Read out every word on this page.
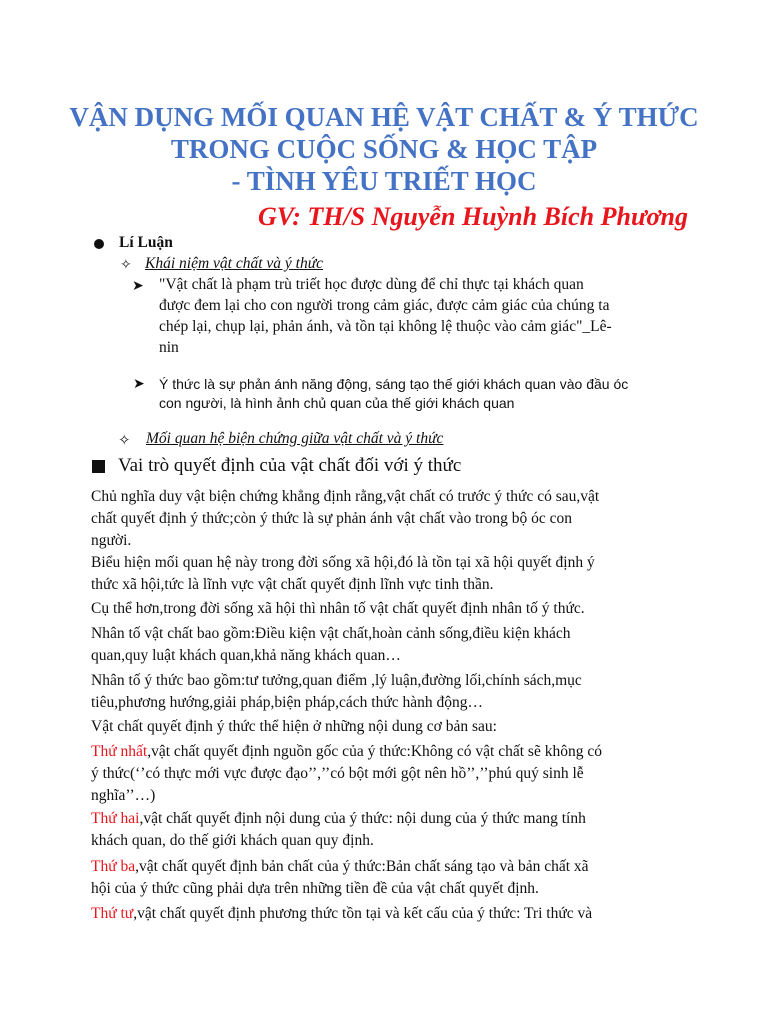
VẬN DỤNG MỐI QUAN HỆ VẬT CHẤT & Ý THỨC
TRONG CUỘC SỐNG & HỌC TẬP
- TÌNH YÊU TRIẾT HỌC
GV: TH/S Nguyễn Huỳnh Bích Phương
Lí Luận
✧ Khái niệm vật chất và ý thức
➤ "Vật chất là phạm trù triết học được dùng để chỉ thực tại khách quan
được đem lại cho con người trong cảm giác, được cảm giác của chúng ta
chép lại, chụp lại, phản ánh, và tồn tại không lệ thuộc vào cảm giác"_Lê-
nin
➤ Ý thức là sự phản ánh năng động, sáng tạo thế giới khách quan vào đầu óc
con người, là hình ảnh chủ quan của thế giới khách quan
✧ Mối quan hệ biện chứng giữa vật chất và ý thức
Vai trò quyết định của vật chất đối với ý thức
Chủ nghĩa duy vật biện chứng khẳng định rằng,vật chất có trước ý thức có sau,vật
chất quyết định ý thức;còn ý thức là sự phản ánh vật chất vào trong bộ óc con
người.
Biểu hiện mối quan hệ này trong đời sống xã hội,đó là tồn tại xã hội quyết định ý
thức xã hội,tức là lĩnh vực vật chất quyết định lĩnh vực tinh thần.
Cụ thể hơn,trong đời sống xã hội thì nhân tố vật chất quyết định nhân tố ý thức.
Nhân tố vật chất bao gồm:Điều kiện vật chất,hoàn cảnh sống,điều kiện khách
quan,quy luật khách quan,khả năng khách quan…
Nhân tố ý thức bao gồm:tư tưởng,quan điểm ,lý luận,đường lối,chính sách,mục
tiêu,phương hướng,giải pháp,biện pháp,cách thức hành động…
Vật chất quyết định ý thức thể hiện ở những nội dung cơ bản sau:
Thứ nhất,vật chất quyết định nguồn gốc của ý thức:Không có vật chất sẽ không có
ý thức(‘’có thực mới vực được đạo’’,’’có bột mới gột nên hồ’’,’’phú quý sinh lễ
nghĩa’’…)
Thứ hai,vật chất quyết định nội dung của ý thức: nội dung của ý thức mang tính
khách quan, do thế giới khách quan quy định.
Thứ ba,vật chất quyết định bản chất của ý thức:Bản chất sáng tạo và bản chất xã
hội của ý thức cũng phải dựa trên những tiền đề của vật chất quyết định.
Thứ tư,vật chất quyết định phương thức tồn tại và kết cấu của ý thức: Tri thức và
